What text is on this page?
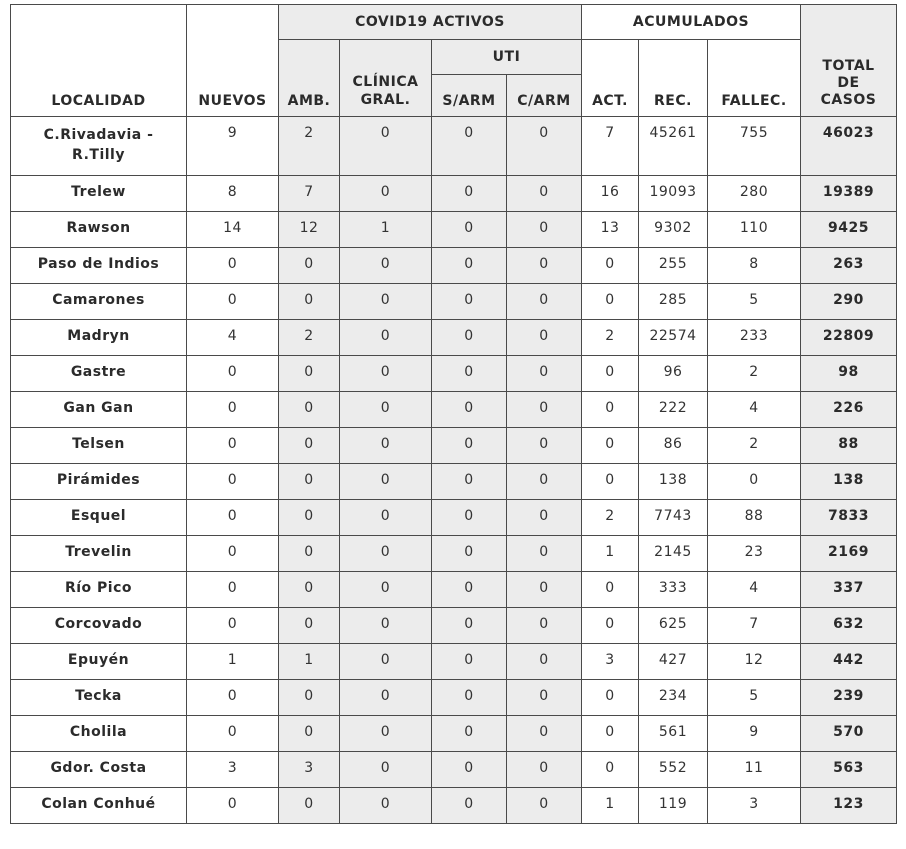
LOCALIDAD	NUEVOS	COVID19 ACTIVOS				ACUMULADOS			TOTAL DE CASOS
		AMB.	CLÍNICA GRAL.	UTI		ACT.	REC.	FALLEC.	
				S/ARM	C/ARM				
C.Rivadavia - R.Tilly	9	2	0	0	0	7	45261	755	46023
Trelew	8	7	0	0	0	16	19093	280	19389
Rawson	14	12	1	0	0	13	9302	110	9425
Paso de Indios	0	0	0	0	0	0	255	8	263
Camarones	0	0	0	0	0	0	285	5	290
Madryn	4	2	0	0	0	2	22574	233	22809
Gastre	0	0	0	0	0	0	96	2	98
Gan Gan	0	0	0	0	0	0	222	4	226
Telsen	0	0	0	0	0	0	86	2	88
Pirámides	0	0	0	0	0	0	138	0	138
Esquel	0	0	0	0	0	2	7743	88	7833
Trevelin	0	0	0	0	0	1	2145	23	2169
Río Pico	0	0	0	0	0	0	333	4	337
Corcovado	0	0	0	0	0	0	625	7	632
Epuyén	1	1	0	0	0	3	427	12	442
Tecka	0	0	0	0	0	0	234	5	239
Cholila	0	0	0	0	0	0	561	9	570
Gdor. Costa	3	3	0	0	0	0	552	11	563
Colan Conhué	0	0	0	0	0	1	119	3	123
